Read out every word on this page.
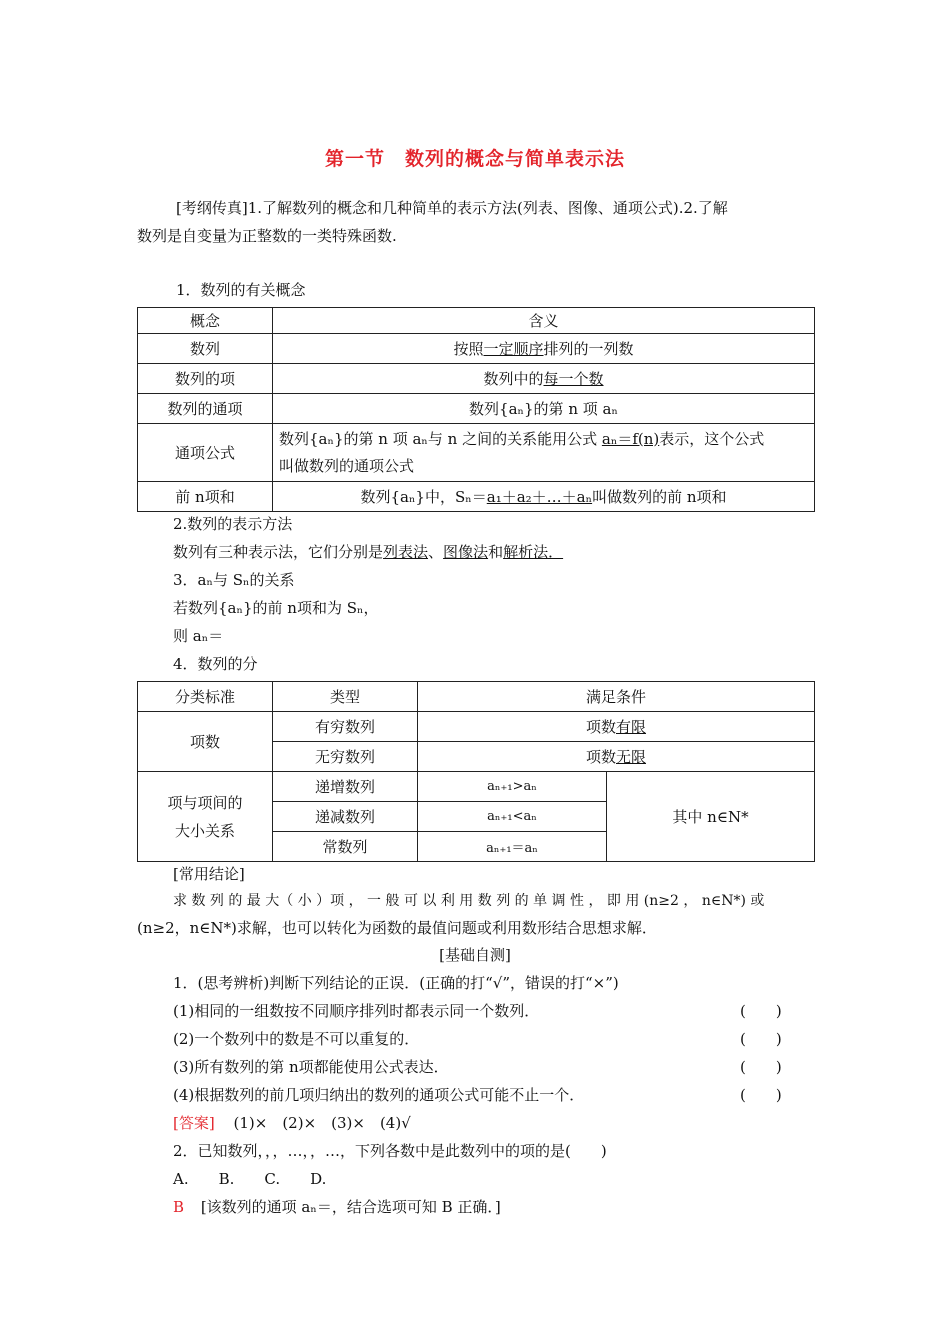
第一节　数列的概念与简单表示法
[考纲传真]1.了解数列的概念和几种简单的表示方法(列表、图像、通项公式).2.了解
数列是自变量为正整数的一类特殊函数.
1．数列的有关概念
概念	含义
数列	按照一定顺序排列的一列数
数列的项	数列中的每一个数
数列的通项	数列{aₙ}的第 n 项 aₙ
通项公式	数列{aₙ}的第 n 项 aₙ与 n 之间的关系能用公式 aₙ＝f(n)表示，这个公式
叫做数列的通项公式
前 n项和	数列{aₙ}中，Sₙ＝a₁＋a₂＋…＋aₙ叫做数列的前 n项和
2.数列的表示方法
数列有三种表示法，它们分别是列表法、图像法和解析法．
3．aₙ与 Sₙ的关系
若数列{aₙ}的前 n项和为 Sₙ，
则 aₙ＝
4．数列的分
分类标准	类型	满足条件	
项数	有穷数列	项数有限	
	无穷数列	项数无限	
项与项间的
大小关系	递增数列	aₙ₊₁>aₙ	其中 n∈N*
	递减数列	aₙ₊₁<aₙ	
	常数列	aₙ₊₁＝aₙ	
[常用结论]
求 数 列 的 最 大（ 小 ）项 ， 一 般 可 以 利 用 数 列 的 单 调 性 ， 即 用 (n≥2 ， n∈N*) 或
(n≥2，n∈N*)求解，也可以转化为函数的最值问题或利用数形结合思想求解．
[基础自测]
1．(思考辨析)判断下列结论的正误．(正确的打“√”，错误的打“×”)
(1)相同的一组数按不同顺序排列时都表示同一个数列．	(　　)
(2)一个数列中的数是不可以重复的．	(　　)
(3)所有数列的第 n项都能使用公式表达．	(　　)
(4)根据数列的前几项归纳出的数列的通项公式可能不止一个．	(　　)
[答案] (1)×　(2)×　(3)×　(4)√
2．已知数列，，，…，，…，下列各数中是此数列中的项的是(　　)
A.　　B.　　C.　　D.
B [该数列的通项 aₙ＝，结合选项可知 B 正确．]
